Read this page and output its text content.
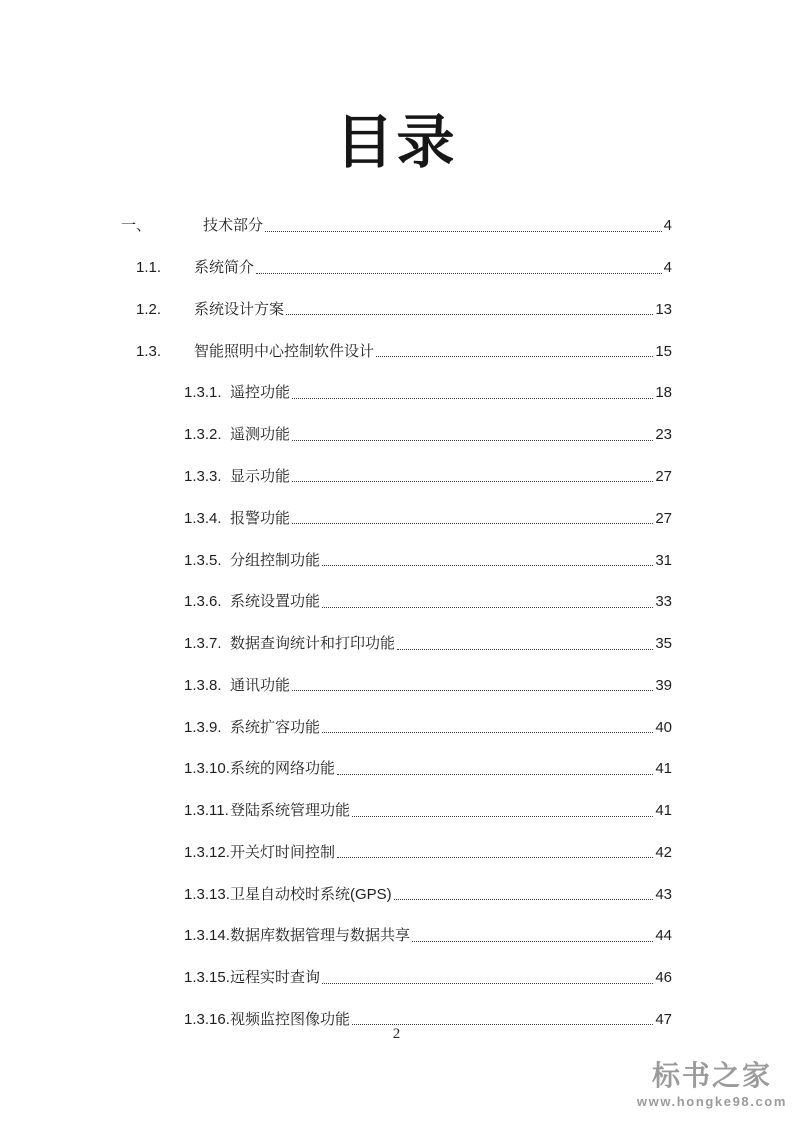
目录
一、	技术部分	4
1.1.	系统简介	4
1.2.	系统设计方案	13
1.3.	智能照明中心控制软件设计	15
1.3.1. 遥控功能	18
1.3.2. 遥测功能	23
1.3.3. 显示功能	27
1.3.4. 报警功能	27
1.3.5. 分组控制功能	31
1.3.6. 系统设置功能	33
1.3.7. 数据查询统计和打印功能	35
1.3.8. 通讯功能	39
1.3.9. 系统扩容功能	40
1.3.10. 系统的网络功能	41
1.3.11. 登陆系统管理功能	41
1.3.12. 开关灯时间控制	42
1.3.13. 卫星自动校时系统(GPS)	43
1.3.14. 数据库数据管理与数据共享	44
1.3.15. 远程实时查询	46
1.3.16. 视频监控图像功能	47
2
标书之家
www.hongke98.com
